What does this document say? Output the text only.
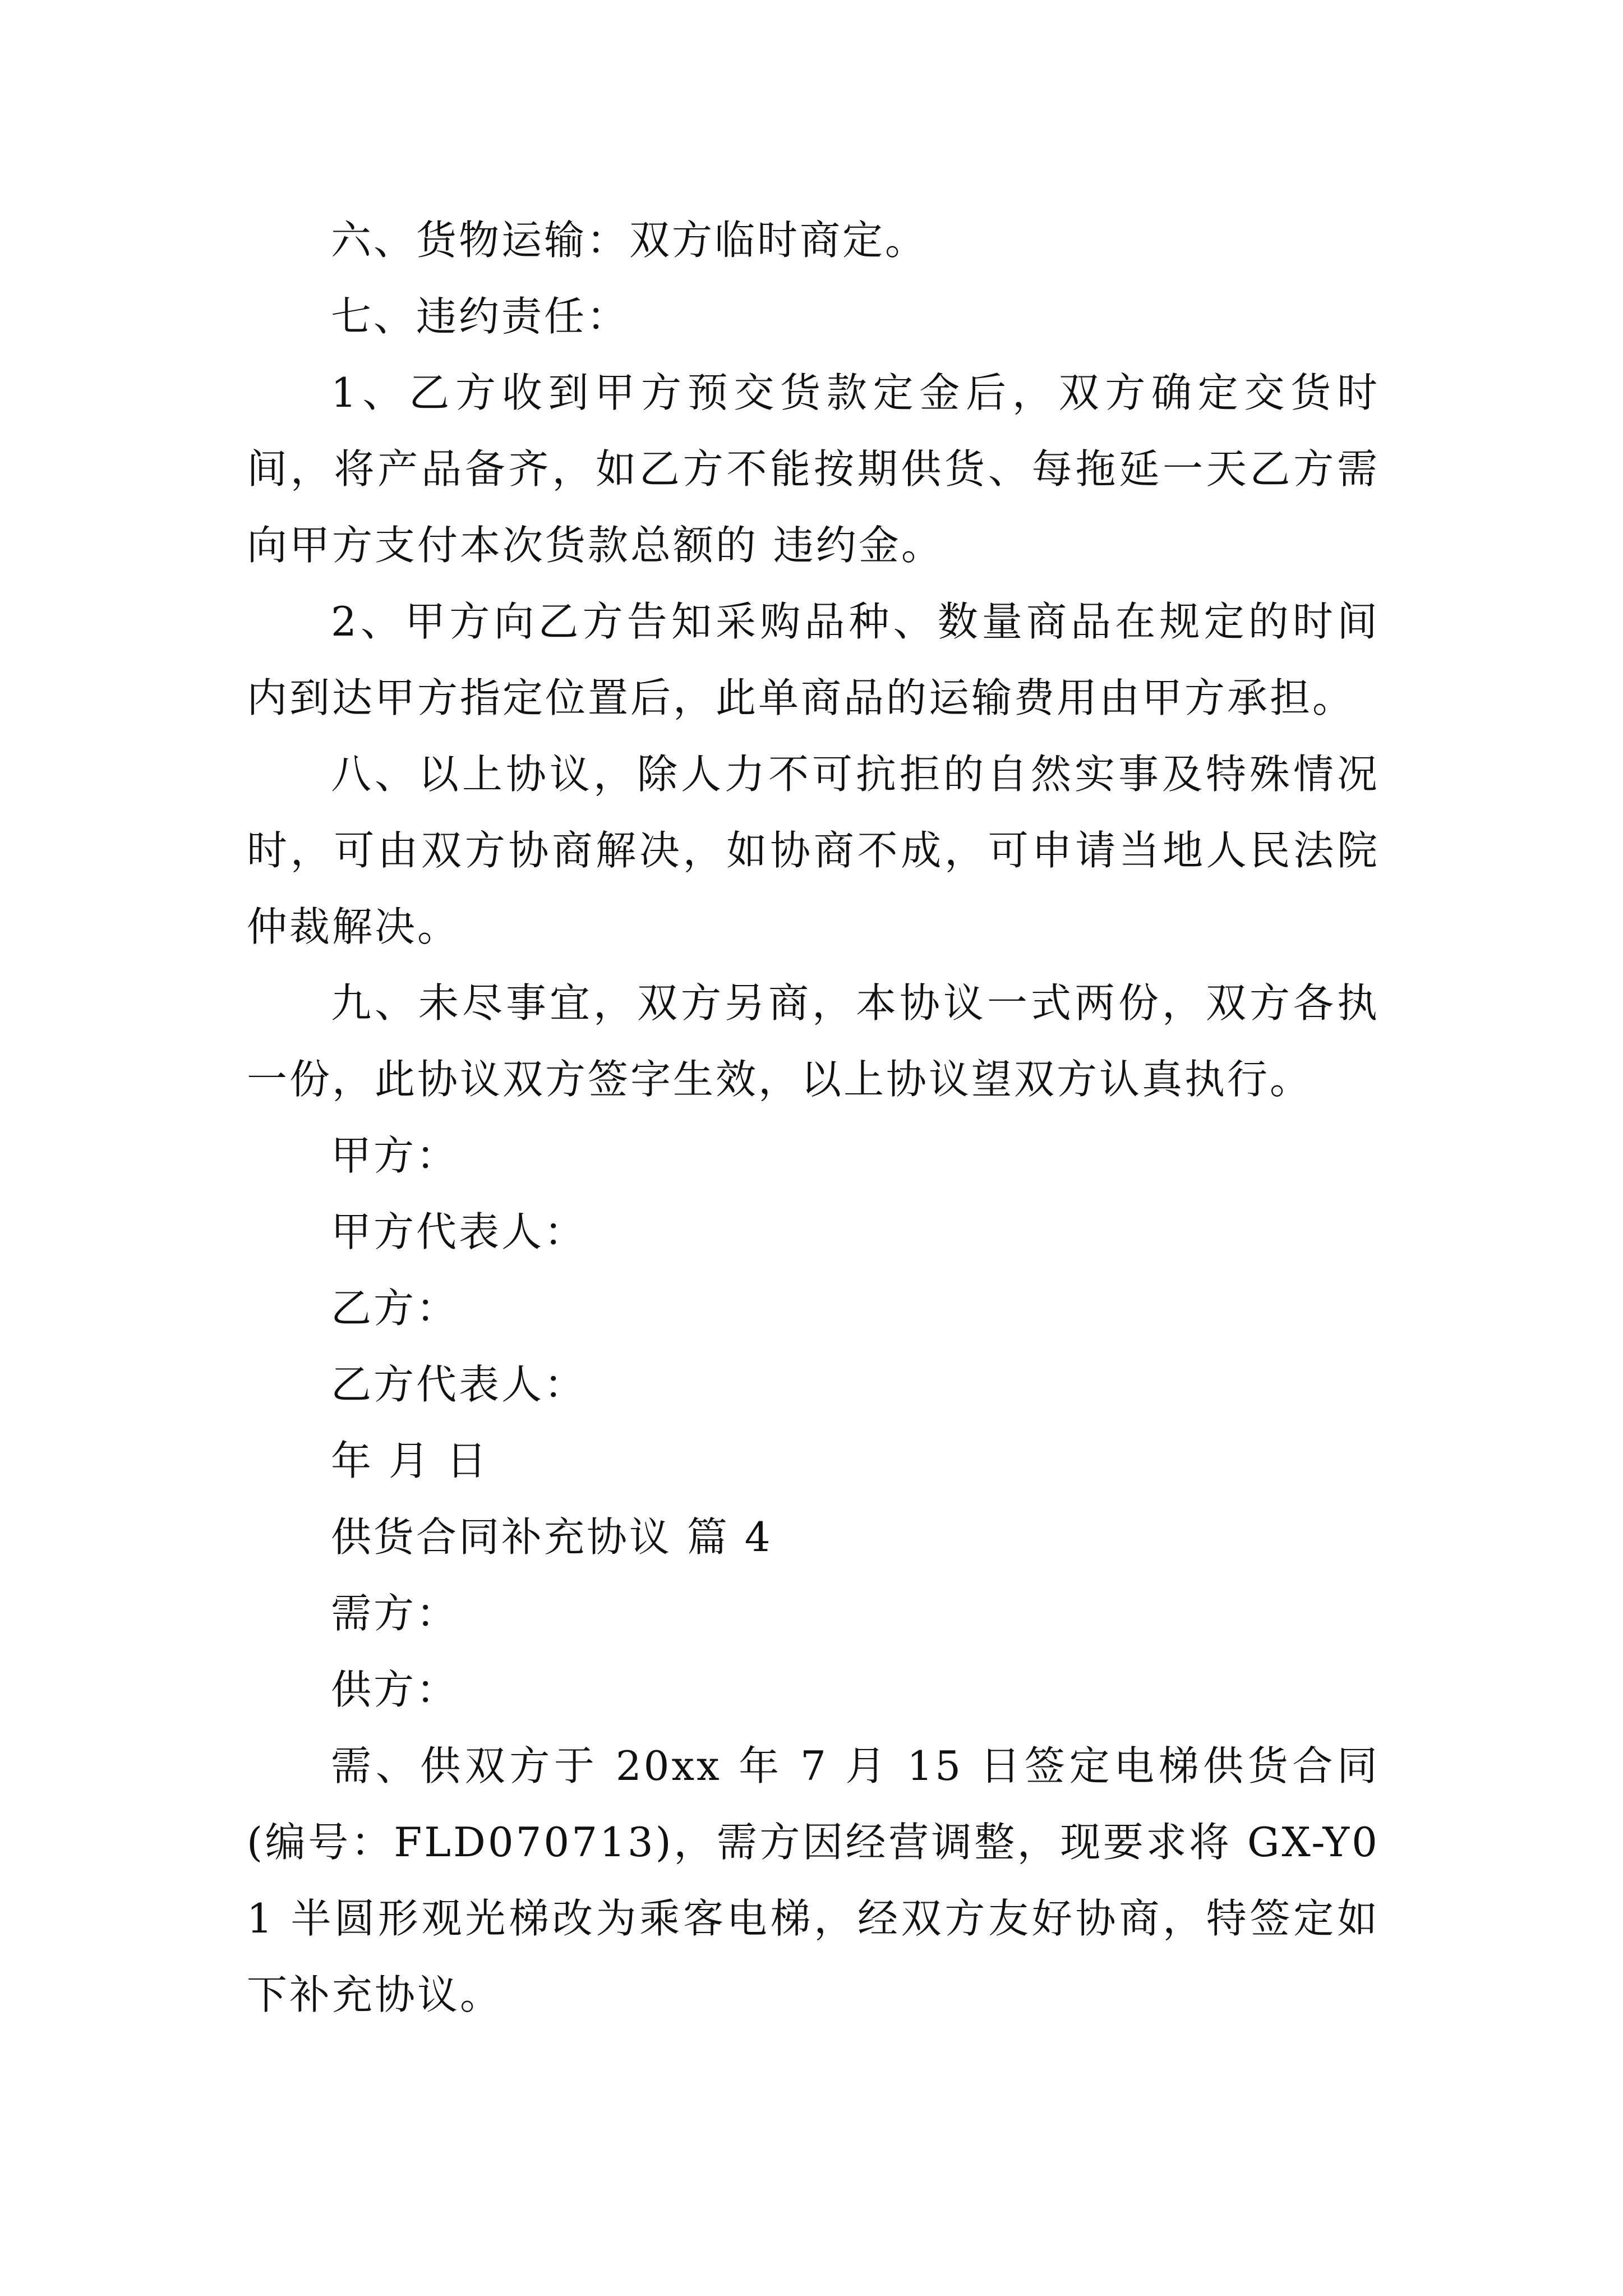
六、货物运输：双方临时商定。

七、违约责任：

1、乙方收到甲方预交货款定金后，双方确定交货时间，将产品备齐，如乙方不能按期供货、每拖延一天乙方需向甲方支付本次货款总额的 违约金。

2、甲方向乙方告知采购品种、数量商品在规定的时间内到达甲方指定位置后，此单商品的运输费用由甲方承担。

八、以上协议，除人力不可抗拒的自然实事及特殊情况时，可由双方协商解决，如协商不成，可申请当地人民法院仲裁解决。

九、未尽事宜，双方另商，本协议一式两份，双方各执一份，此协议双方签字生效，以上协议望双方认真执行。

甲方：

甲方代表人：

乙方：

乙方代表人：

年 月 日

供货合同补充协议 篇 4

需方：

供方：

需、供双方于 20xx 年 7 月 15 日签定电梯供货合同(编号：FLD070713)，需方因经营调整，现要求将 GX-Y01 半圆形观光梯改为乘客电梯，经双方友好协商，特签定如下补充协议。
